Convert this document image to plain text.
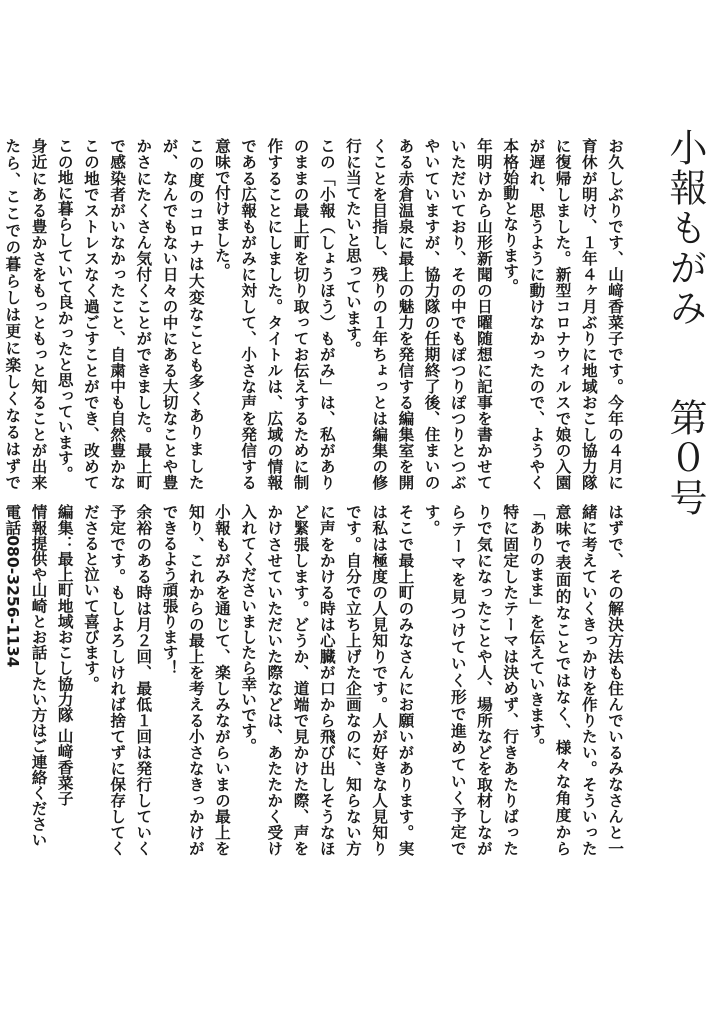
小報もがみ第０号

お久しぶりです、山﨑香菜子です。今年の４月に育休が明け、１年４ヶ月ぶりに地域おこし協力隊に復帰しました。新型コロナウィルスで娘の入園が遅れ、思うように動けなかったので、ようやく本格始動となります。

年明けから山形新聞の日曜随想に記事を書かせていただいており、その中でもぽつりぽつりとつぶやいていますが、協力隊の任期終了後、住まいのある赤倉温泉に最上の魅力を発信する編集室を開くことを目指し、残りの１年ちょっとは編集の修行に当てたいと思っています。

この「小報（しょうほう）もがみ」は、私がありのままの最上町を切り取ってお伝えするために制作することにしました。タイトルは、広域の情報である広報もがみに対して、小さな声を発信する意味で付けました。

この度のコロナは大変なことも多くありましたが、なんでもない日々の中にある大切なことや豊かさにたくさん気付くことができました。最上町で感染者がいなかったこと、自粛中も自然豊かなこの地でストレスなく過ごすことができ、改めてこの地に暮らしていて良かったと思っています。

身近にある豊かさをもっともっと知ることが出来たら、ここでの暮らしは更に楽しくなるはずで

はずで、その解決方法も住んでいるみなさんと一緒に考えていくきっかけを作りたい。そういった意味で表面的なことではなく、様々な角度から「ありのまま」を伝えていきます。

特に固定したテーマは決めず、行きあたりばったりで気になったことや人、場所などを取材しながらテーマを見つけていく形で進めていく予定です。

そこで最上町のみなさんにお願いがあります。実は私は極度の人見知りです。人が好きな人見知りです。自分で立ち上げた企画なのに、知らない方に声をかける時は心臓が口から飛び出しそうなほど緊張します。どうか、道端で見かけた際、声をかけさせていただいた際などは、あたたかく受け入れてくださいましたら幸いです。

小報もがみを通じて、楽しみながらいまの最上を知り、これからの最上を考える小さなきっかけができるよう頑張ります！

余裕のある時は月２回、最低１回は発行していく予定です。もしよろしければ捨てずに保存してくださると泣いて喜びます。

編集：最上町地域おこし協力隊 山﨑香菜子

情報提供や山崎とお話したい方はご連絡ください

電話080-3256-1134
